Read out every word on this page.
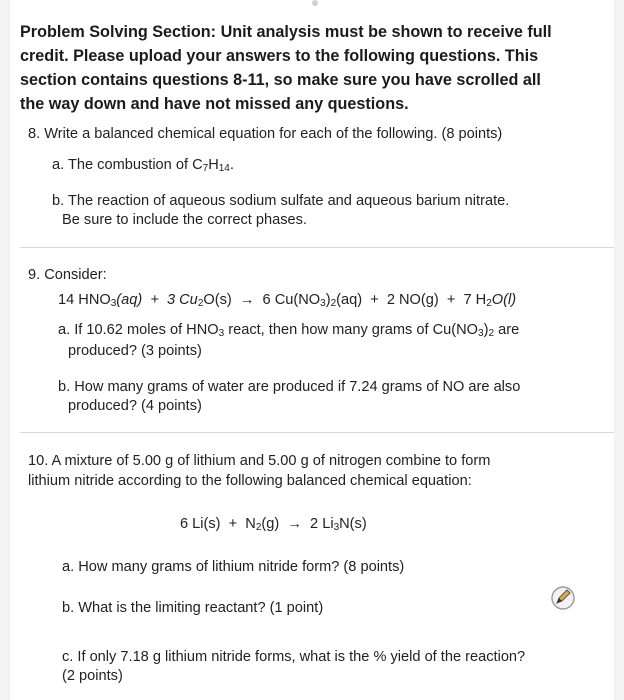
Problem Solving Section: Unit analysis must be shown to receive full
credit. Please upload your answers to the following questions. This
section contains questions 8-11, so make sure you have scrolled all
the way down and have not missed any questions.
8. Write a balanced chemical equation for each of the following. (8 points)
a. The combustion of $C_7H_{14}$.
b. The reaction of aqueous sodium sulfate and aqueous barium nitrate.
Be sure to include the correct phases.
9. Consider:
14 $HNO_3(aq) + 3$ $Cu_2O(s) \to 6$ $Cu(NO_3)_2(aq) + 2$ NO(g)  +  7 $H_2O(l)$
a. If 10.62 moles of $HNO_3$ react, then how many grams of $Cu(NO_3)_2$ are
produced? (3 points)
b. How many grams of water are produced if 7.24 grams of NO are also
produced? (4 points)
10. A mixture of 5.00 g of lithium and 5.00 g of nitrogen combine to form
lithium nitride according to the following balanced chemical equation:
6 $Li(s) + N_2(g) \to 2$ $Li_3N(s)$
a. How many grams of lithium nitride form? (8 points)
b. What is the limiting reactant? (1 point)
c. If only 7.18 g lithium nitride forms, what is the % yield of the reaction?
(2 points)
